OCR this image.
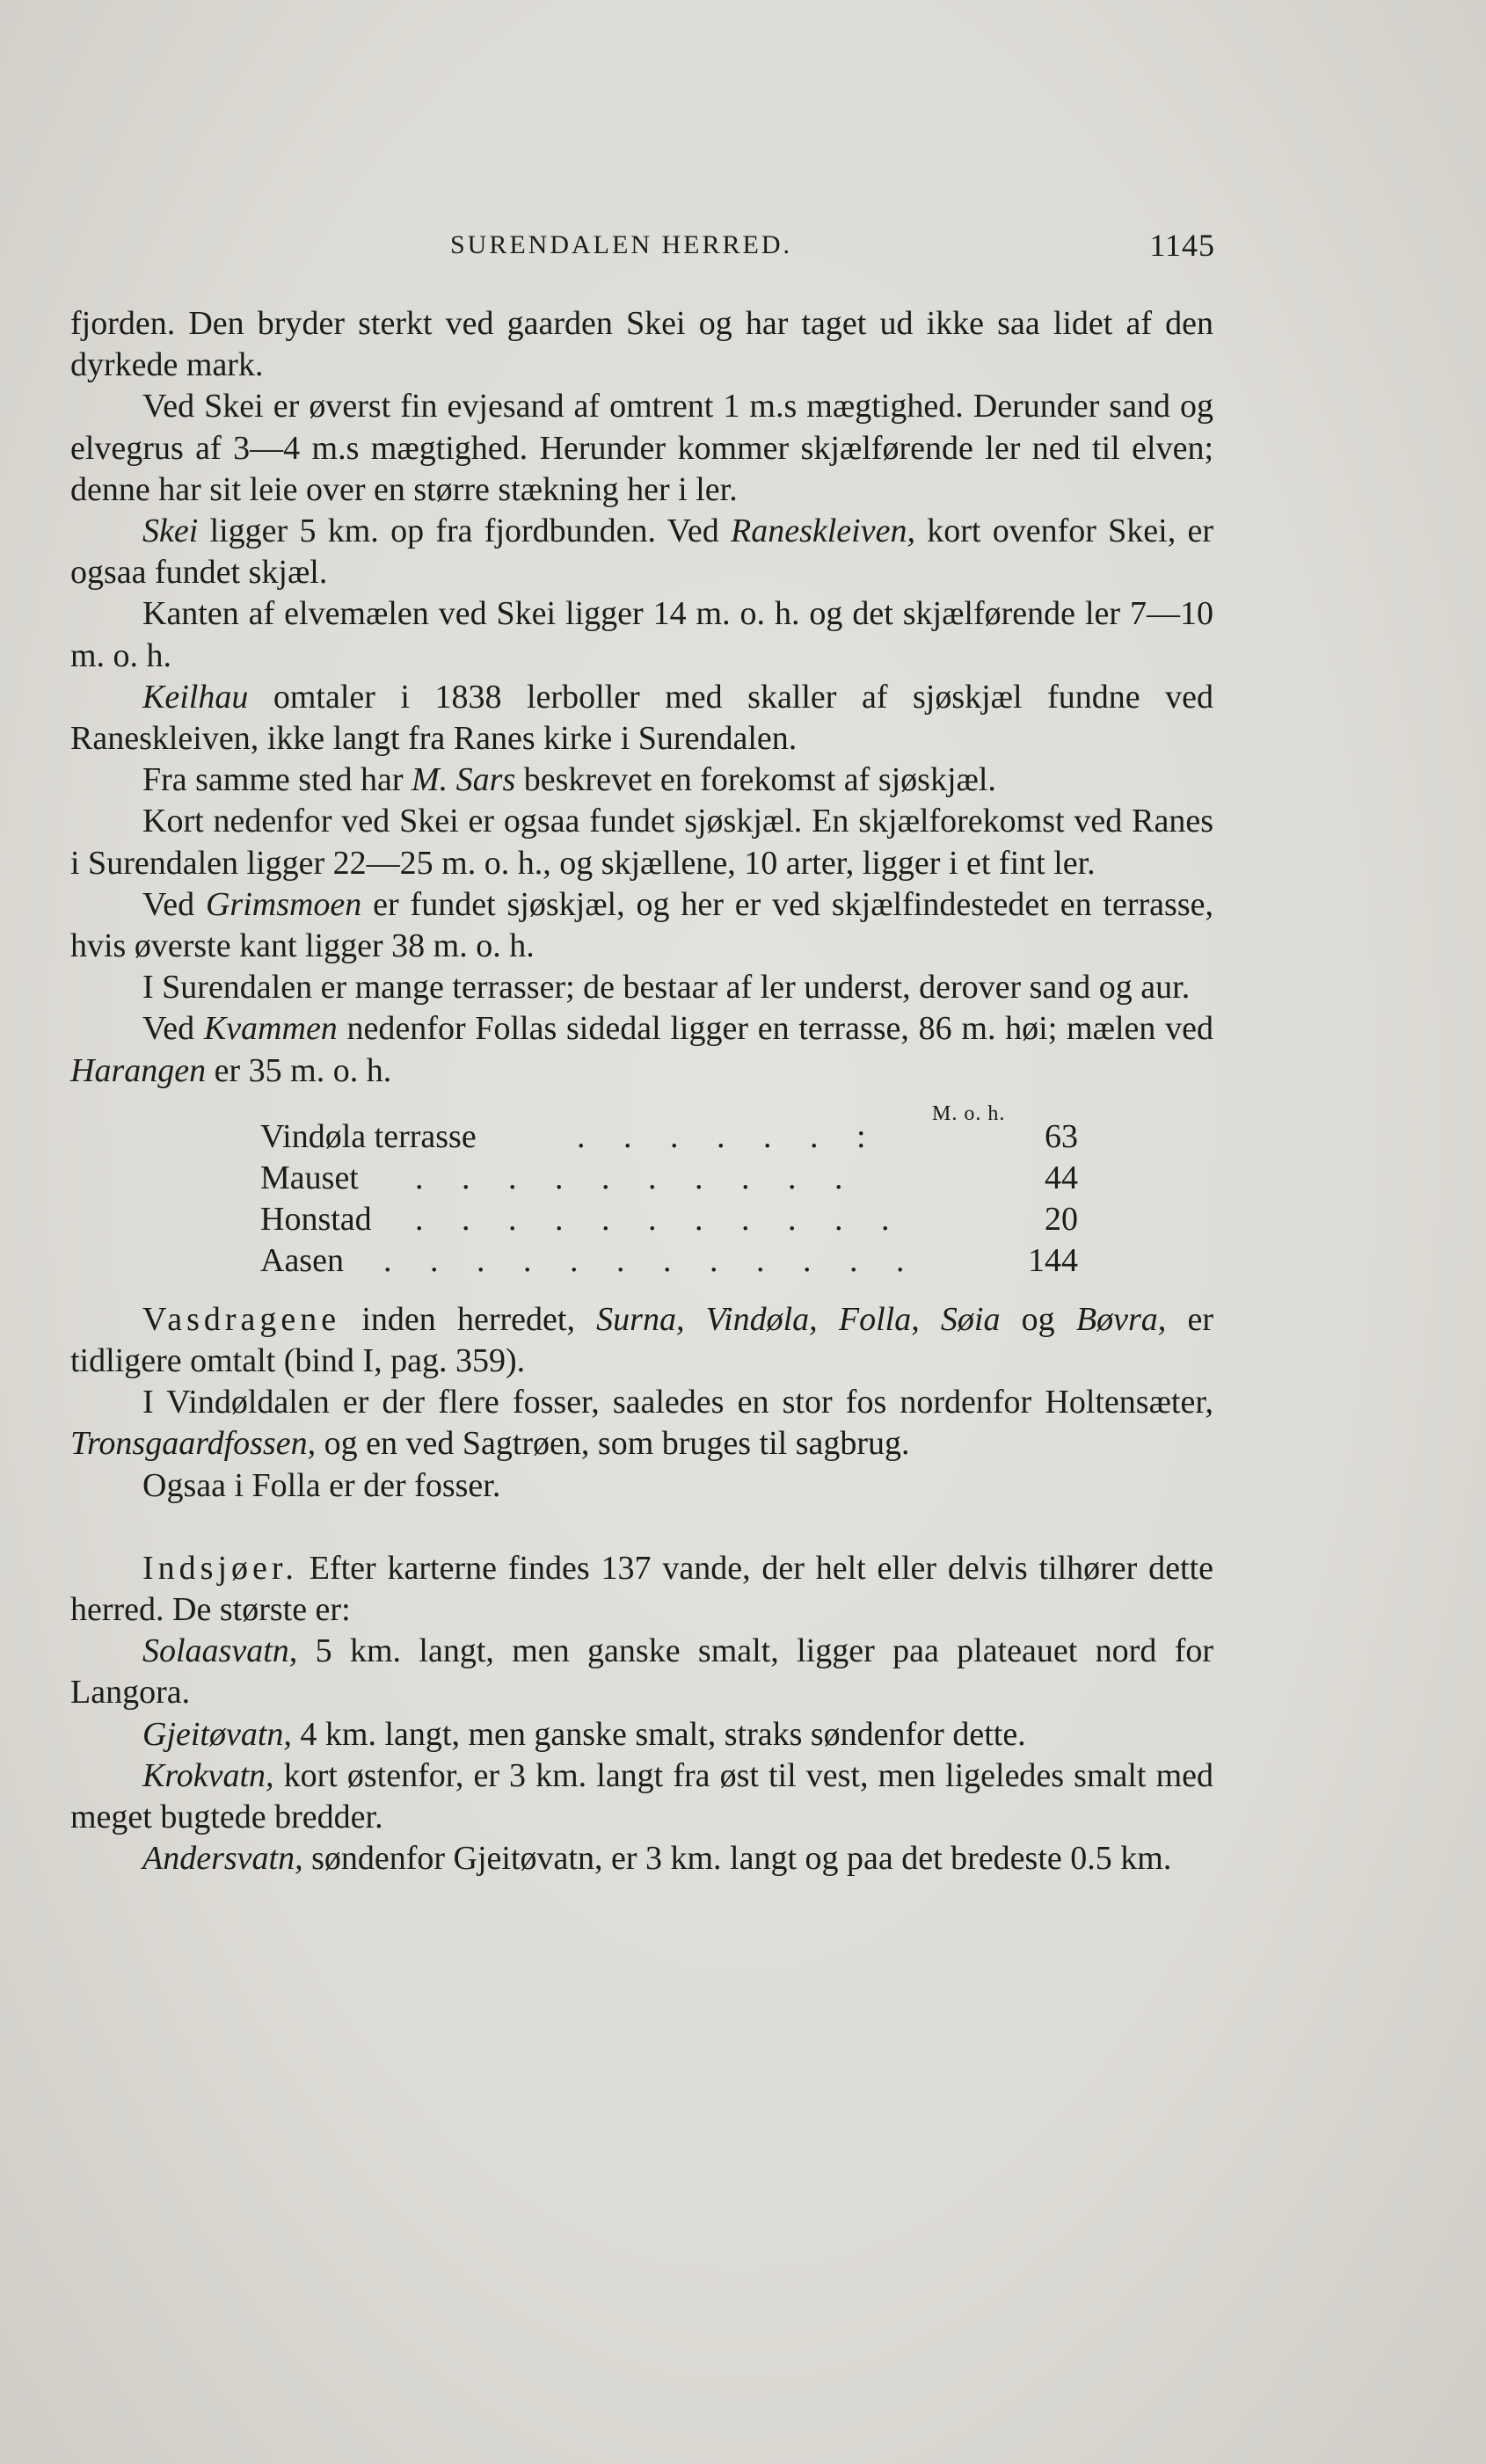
SURENDALEN HERRED.	1145
fjorden. Den bryder sterkt ved gaarden Skei og har taget ud ikke saa lidet af den dyrkede mark.
Ved Skei er øverst fin evjesand af omtrent 1 m.s mægtighed. Derunder sand og elvegrus af 3—4 m.s mægtighed. Herunder kommer skjælførende ler ned til elven; denne har sit leie over en større stækning her i ler.
Skei ligger 5 km. op fra fjordbunden. Ved Raneskleiven, kort ovenfor Skei, er ogsaa fundet skjæl.
Kanten af elvemælen ved Skei ligger 14 m. o. h. og det skjælførende ler 7—10 m. o. h.
Keilhau omtaler i 1838 lerboller med skaller af sjøskjæl fundne ved Raneskleiven, ikke langt fra Ranes kirke i Surendalen.
Fra samme sted har M. Sars beskrevet en forekomst af sjøskjæl.
Kort nedenfor ved Skei er ogsaa fundet sjøskjæl. En skjælforekomst ved Ranes i Surendalen ligger 22—25 m. o. h., og skjællene, 10 arter, ligger i et fint ler.
Ved Grimsmoen er fundet sjøskjæl, og her er ved skjælfindestedet en terrasse, hvis øverste kant ligger 38 m. o. h.
I Surendalen er mange terrasser; de bestaar af ler underst, derover sand og aur.
Ved Kvammen nedenfor Follas sidedal ligger en terrasse, 86 m. høi; mælen ved Harangen er 35 m. o. h.
M. o. h.
Vindøla terrasse	. . . . . . :	63
Mauset . . . . . . . . . .	44
Honstad . . . . . . . . . . .	20
Aasen . . . . . . . . . . . .	144
Vasdragene inden herredet, Surna, Vindøla, Folla, Søia og Bøvra, er tidligere omtalt (bind I, pag. 359).
I Vindøldalen er der flere fosser, saaledes en stor fos nordenfor Holtensæter, Tronsgaardfossen, og en ved Sagtrøen, som bruges til sagbrug.
Ogsaa i Folla er der fosser.
Indsjøer. Efter karterne findes 137 vande, der helt eller delvis tilhører dette herred. De største er:
Solaasvatn, 5 km. langt, men ganske smalt, ligger paa plateauet nord for Langora.
Gjeitøvatn, 4 km. langt, men ganske smalt, straks søndenfor dette.
Krokvatn, kort østenfor, er 3 km. langt fra øst til vest, men ligeledes smalt med meget bugtede bredder.
Andersvatn, søndenfor Gjeitøvatn, er 3 km. langt og paa det bredeste 0.5 km.
